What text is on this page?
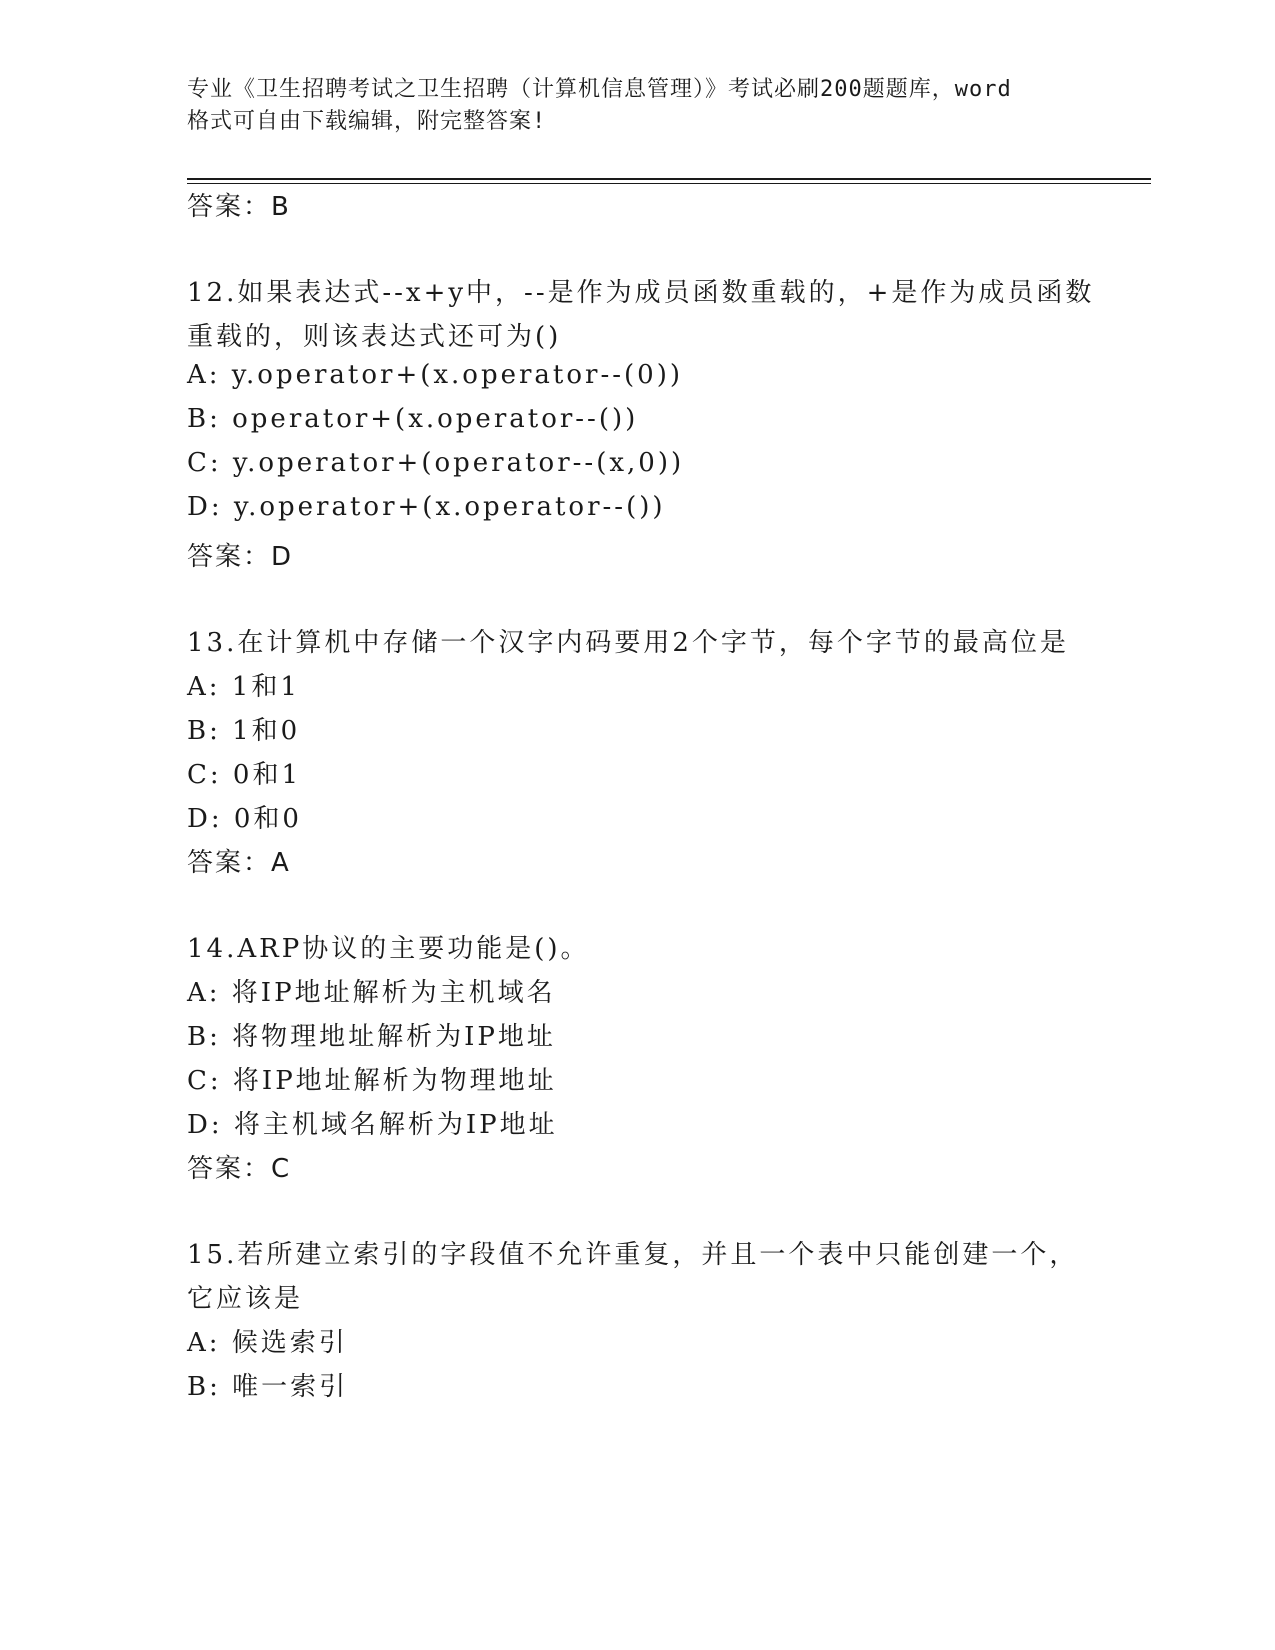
专业《卫生招聘考试之卫生招聘（计算机信息管理）》考试必刷200题题库，word
格式可自由下载编辑，附完整答案!
答案：B
12.如果表达式--x+y中，--是作为成员函数重载的，+是作为成员函数
重载的，则该表达式还可为()
A: y.operator+(x.operator--(0))
B: operator+(x.operator--())
C: y.operator+(operator--(x,0))
D: y.operator+(x.operator--())
答案：D
13.在计算机中存储一个汉字内码要用2个字节，每个字节的最高位是
A: 1和1
B: 1和0
C: 0和1
D: 0和0
答案：A
14.ARP协议的主要功能是()。
A: 将IP地址解析为主机域名
B: 将物理地址解析为IP地址
C: 将IP地址解析为物理地址
D: 将主机域名解析为IP地址
答案：C
15.若所建立索引的字段值不允许重复，并且一个表中只能创建一个，
它应该是
A: 候选索引
B: 唯一索引
